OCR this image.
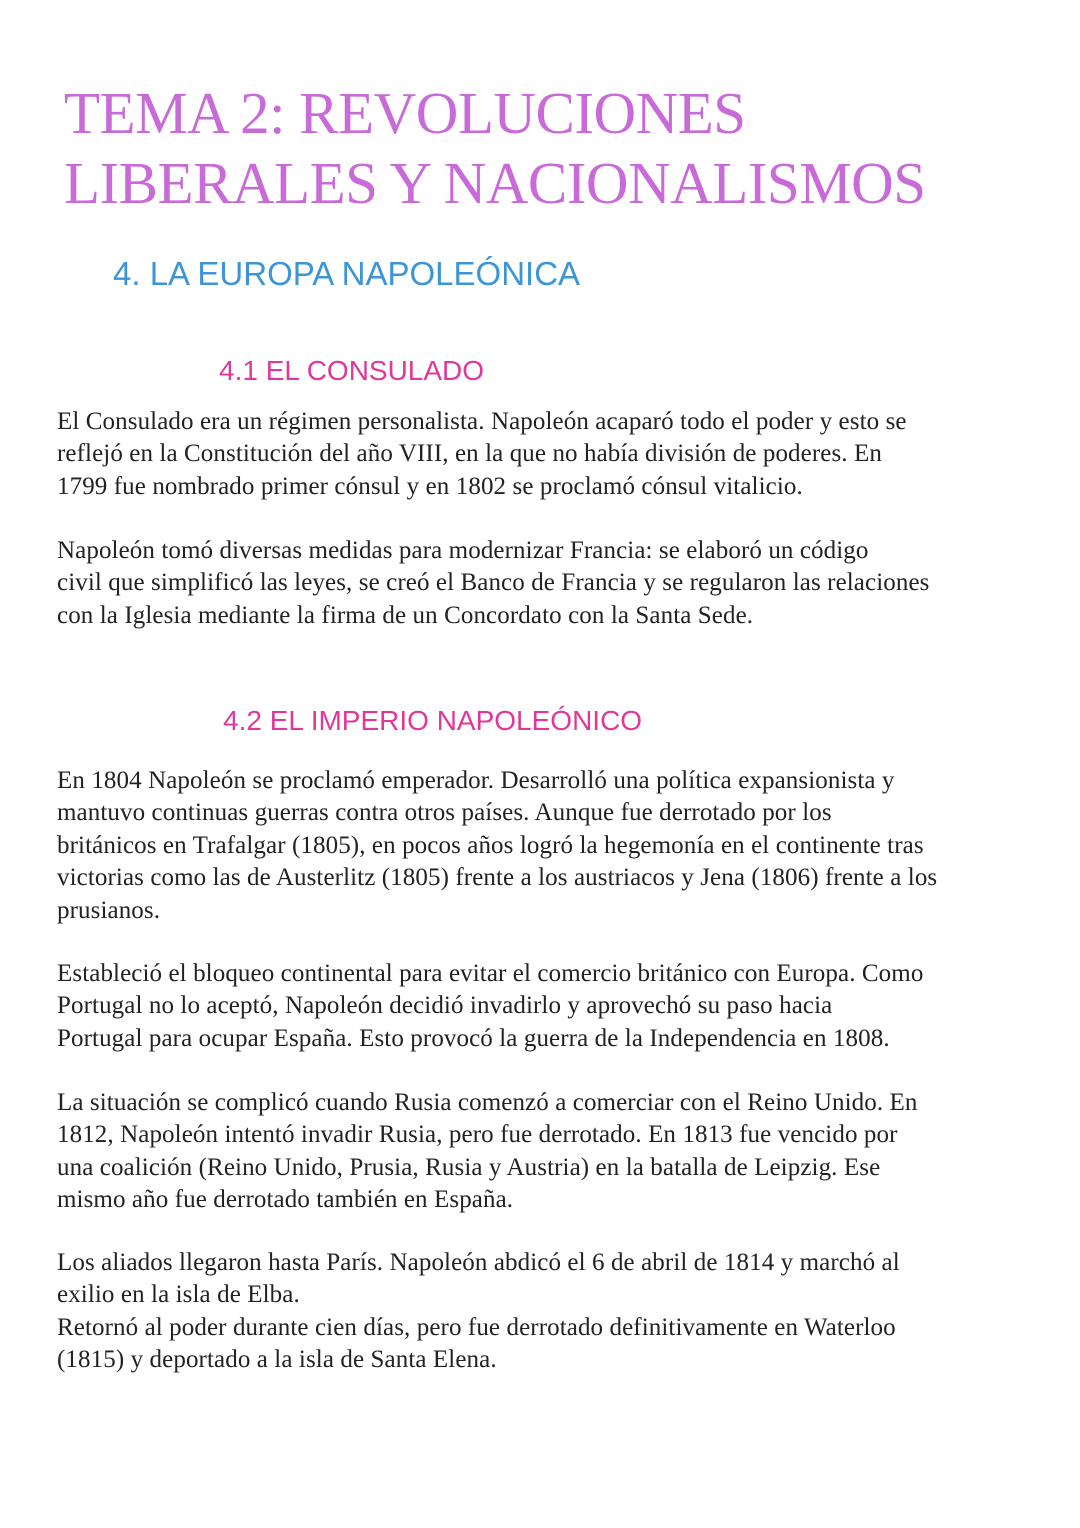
TEMA 2: REVOLUCIONES
LIBERALES Y NACIONALISMOS
4. LA EUROPA NAPOLEÓNICA
4.1 EL CONSULADO

El Consulado era un régimen personalista. Napoleón acaparó todo el poder y esto se
reflejó en la Constitución del año VIII, en la que no había división de poderes. En
1799 fue nombrado primer cónsul y en 1802 se proclamó cónsul vitalicio.

Napoleón tomó diversas medidas para modernizar Francia: se elaboró un código
civil que simplificó las leyes, se creó el Banco de Francia y se regularon las relaciones
con la Iglesia mediante la firma de un Concordato con la Santa Sede.

4.2 EL IMPERIO NAPOLEÓNICO

En 1804 Napoleón se proclamó emperador. Desarrolló una política expansionista y
mantuvo continuas guerras contra otros países. Aunque fue derrotado por los
británicos en Trafalgar (1805), en pocos años logró la hegemonía en el continente tras
victorias como las de Austerlitz (1805) frente a los austriacos y Jena (1806) frente a los
prusianos.

Estableció el bloqueo continental para evitar el comercio británico con Europa. Como
Portugal no lo aceptó, Napoleón decidió invadirlo y aprovechó su paso hacia
Portugal para ocupar España. Esto provocó la guerra de la Independencia en 1808.

La situación se complicó cuando Rusia comenzó a comerciar con el Reino Unido. En
1812, Napoleón intentó invadir Rusia, pero fue derrotado. En 1813 fue vencido por
una coalición (Reino Unido, Prusia, Rusia y Austria) en la batalla de Leipzig. Ese
mismo año fue derrotado también en España.

Los aliados llegaron hasta París. Napoleón abdicó el 6 de abril de 1814 y marchó al
exilio en la isla de Elba.
Retornó al poder durante cien días, pero fue derrotado definitivamente en Waterloo
(1815) y deportado a la isla de Santa Elena.
